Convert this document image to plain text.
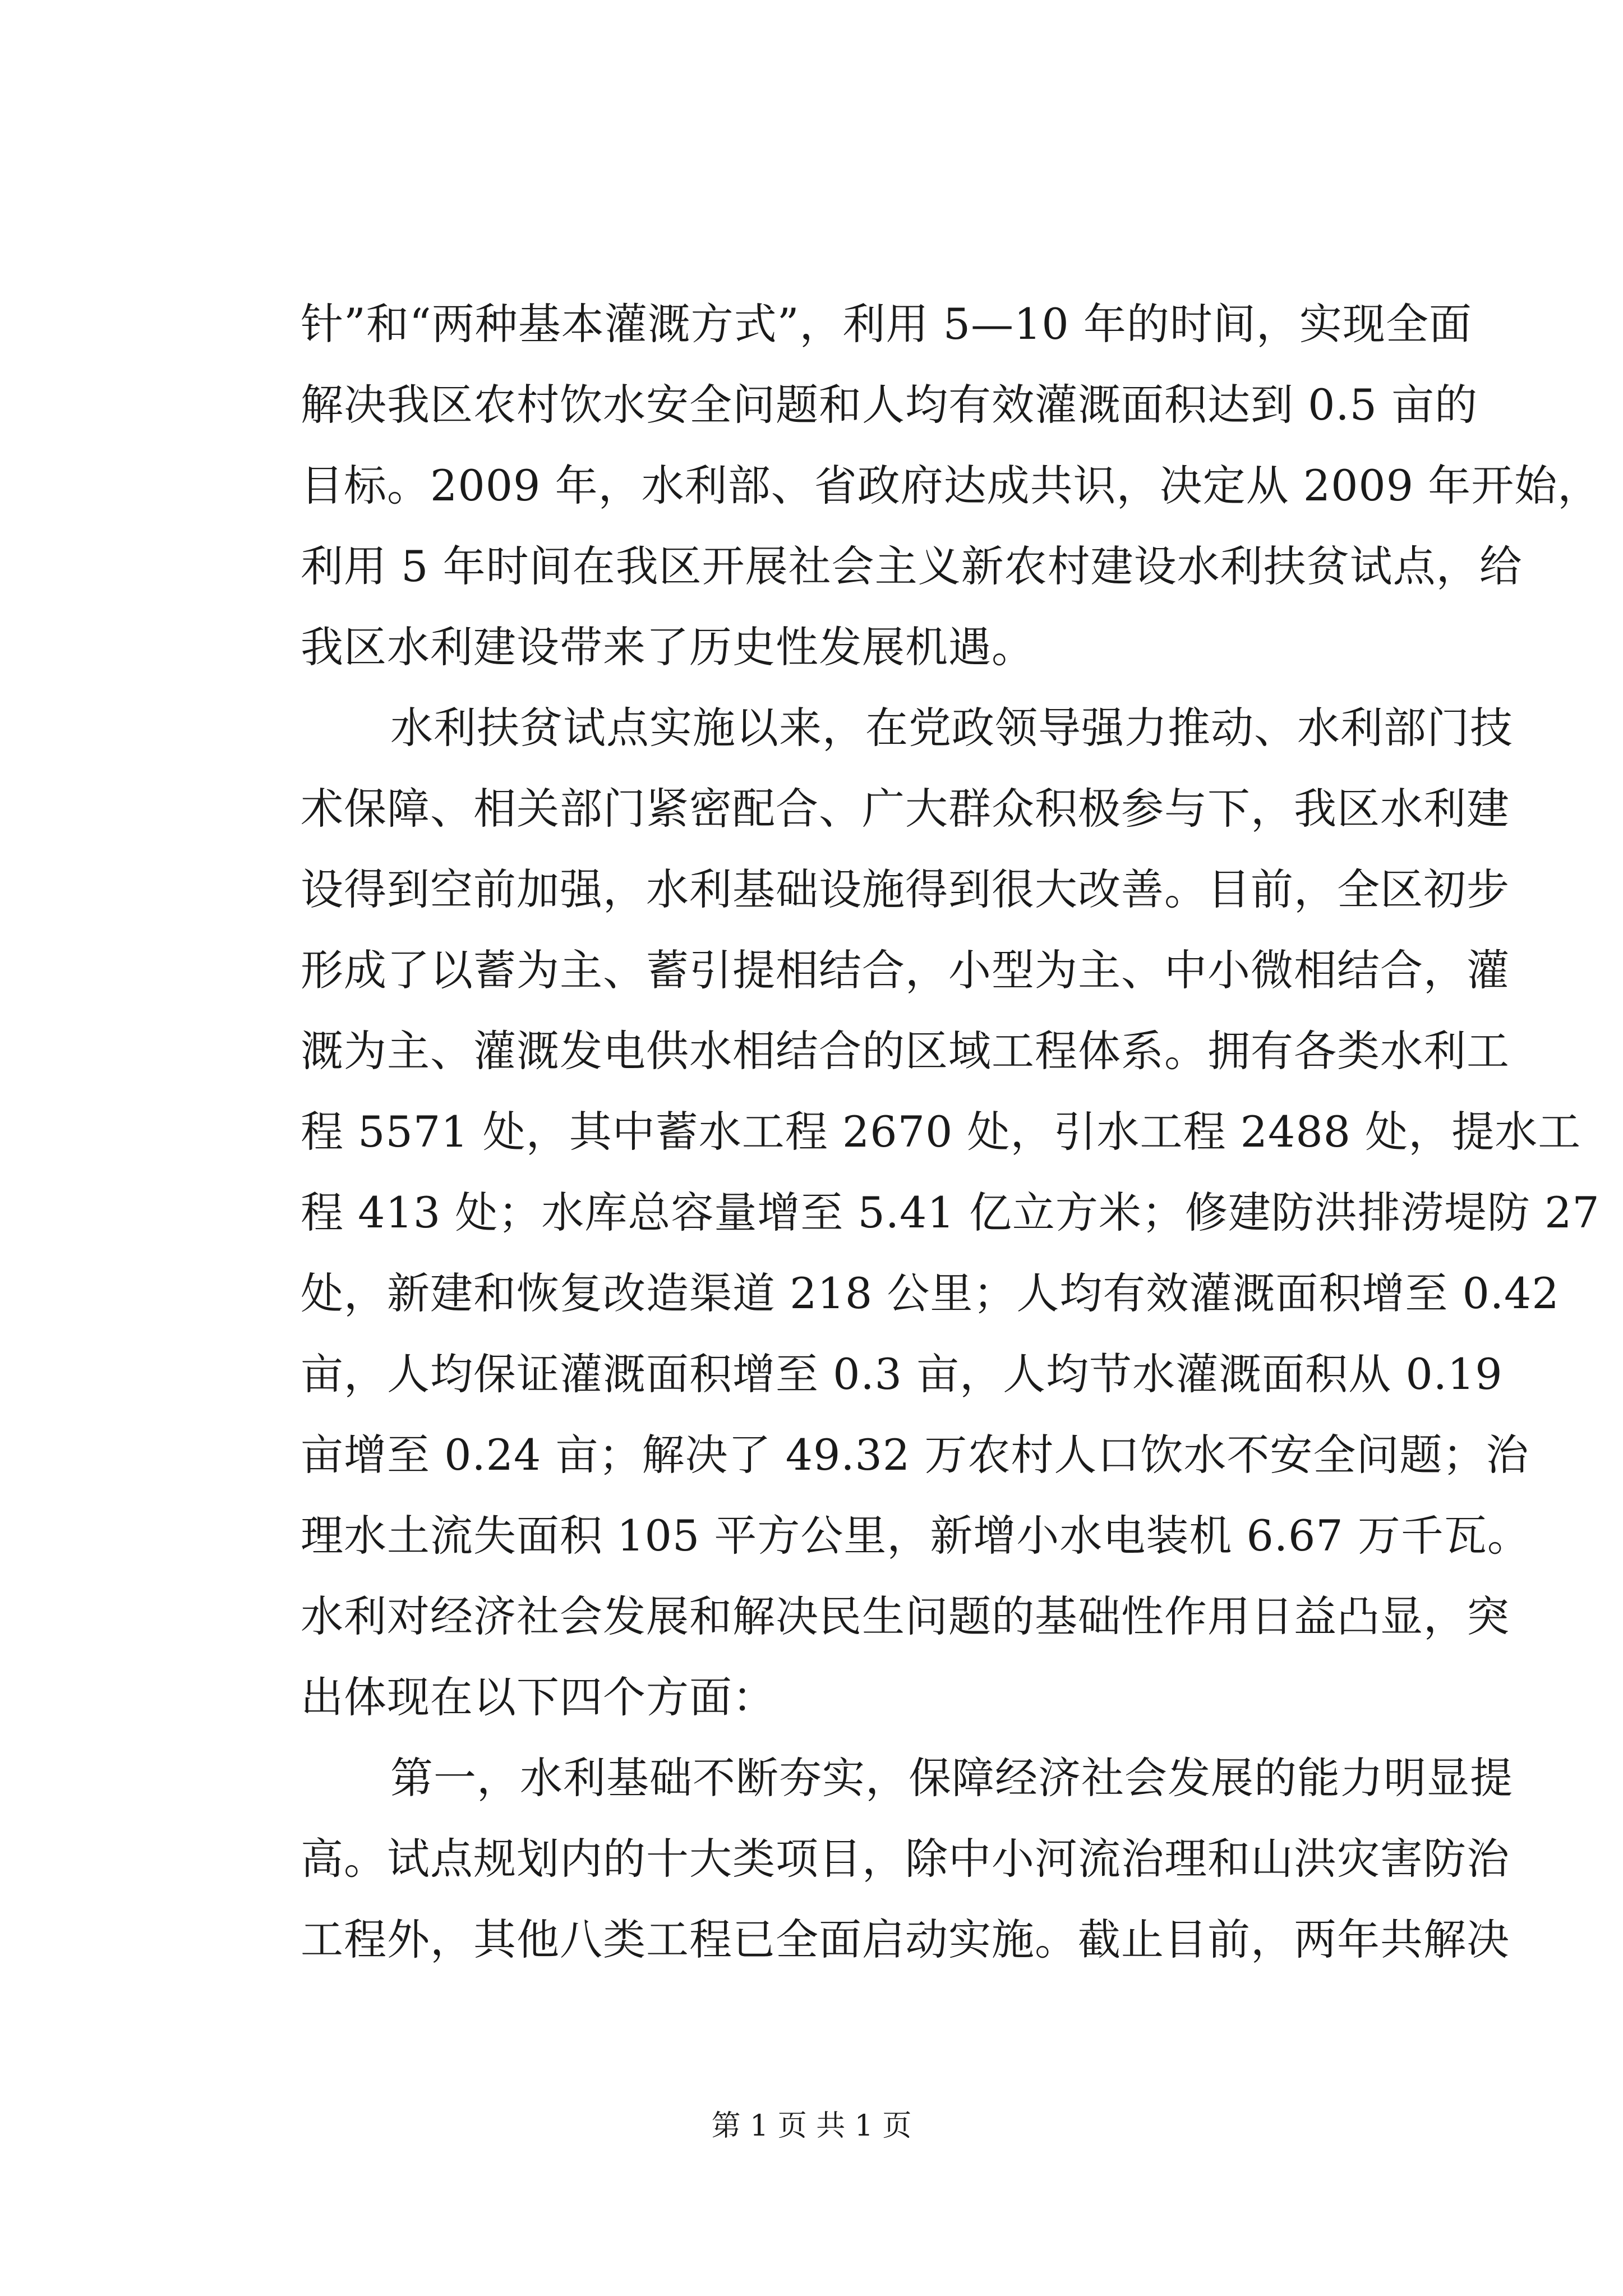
针”和“两种基本灌溉方式”，利用 5—10 年的时间，实现全面
解决我区农村饮水安全问题和人均有效灌溉面积达到 0.5 亩的
目标。2009 年，水利部、省政府达成共识，决定从 2009 年开始，
利用 5 年时间在我区开展社会主义新农村建设水利扶贫试点，给
我区水利建设带来了历史性发展机遇。
水利扶贫试点实施以来，在党政领导强力推动、水利部门技
术保障、相关部门紧密配合、广大群众积极参与下，我区水利建
设得到空前加强，水利基础设施得到很大改善。目前，全区初步
形成了以蓄为主、蓄引提相结合，小型为主、中小微相结合，灌
溉为主、灌溉发电供水相结合的区域工程体系。拥有各类水利工
程 5571 处，其中蓄水工程 2670 处，引水工程 2488 处，提水工
程 413 处；水库总容量增至 5.41 亿立方米；修建防洪排涝堤防 27
处，新建和恢复改造渠道 218 公里；人均有效灌溉面积增至 0.42
亩，人均保证灌溉面积增至 0.3 亩，人均节水灌溉面积从 0.19
亩增至 0.24 亩；解决了 49.32 万农村人口饮水不安全问题；治
理水土流失面积 105 平方公里，新增小水电装机 6.67 万千瓦。
水利对经济社会发展和解决民生问题的基础性作用日益凸显，突
出体现在以下四个方面：
第一，水利基础不断夯实，保障经济社会发展的能力明显提
高。试点规划内的十大类项目，除中小河流治理和山洪灾害防治
工程外，其他八类工程已全面启动实施。截止目前，两年共解决
第 1 页 共 1 页
